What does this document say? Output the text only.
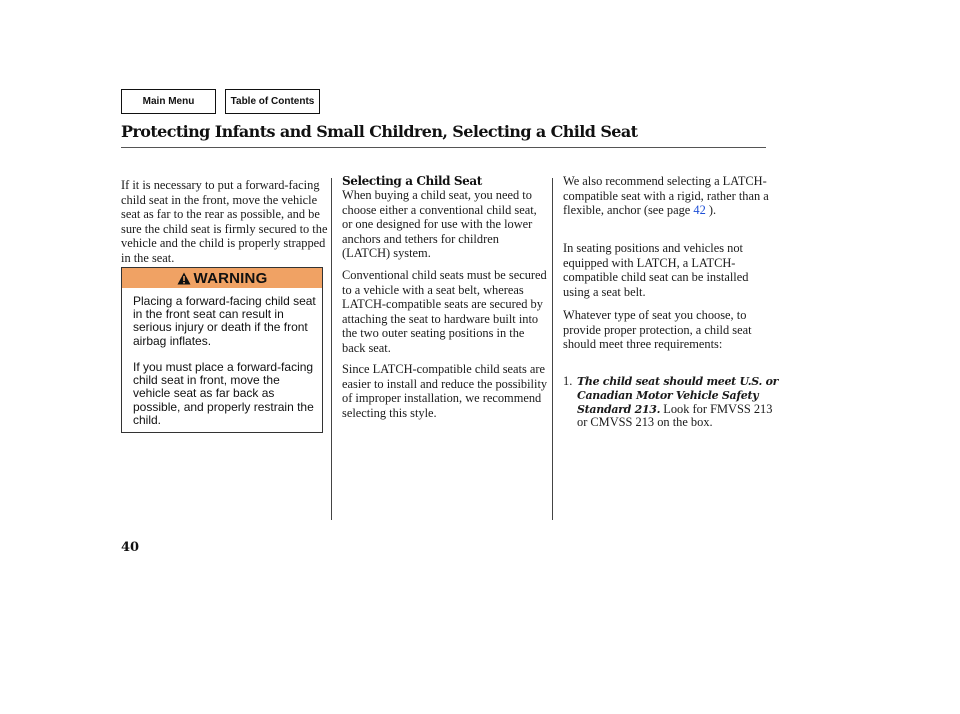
Main Menu	Table of Contents
Protecting Infants and Small Children, Selecting a Child Seat

If it is necessary to put a forward-facing child seat in the front, move the vehicle seat as far to the rear as possible, and be sure the child seat is firmly secured to the vehicle and the child is properly strapped in the seat.

WARNING

Placing a forward-facing child seat in the front seat can result in serious injury or death if the front airbag inflates.

If you must place a forward-facing child seat in front, move the vehicle seat as far back as possible, and properly restrain the child.

Selecting a Child Seat

When buying a child seat, you need to choose either a conventional child seat, or one designed for use with the lower anchors and tethers for children (LATCH) system.

Conventional child seats must be secured to a vehicle with a seat belt, whereas LATCH-compatible seats are secured by attaching the seat to hardware built into the two outer seating positions in the back seat.

Since LATCH-compatible child seats are easier to install and reduce the possibility of improper installation, we recommend selecting this style.

We also recommend selecting a LATCH-compatible seat with a rigid, rather than a flexible, anchor (see page 42 ).

In seating positions and vehicles not equipped with LATCH, a LATCH-compatible child seat can be installed using a seat belt.

Whatever type of seat you choose, to provide proper protection, a child seat should meet three requirements:

1. The child seat should meet U.S. or Canadian Motor Vehicle Safety Standard 213. Look for FMVSS 213 or CMVSS 213 on the box.
40
